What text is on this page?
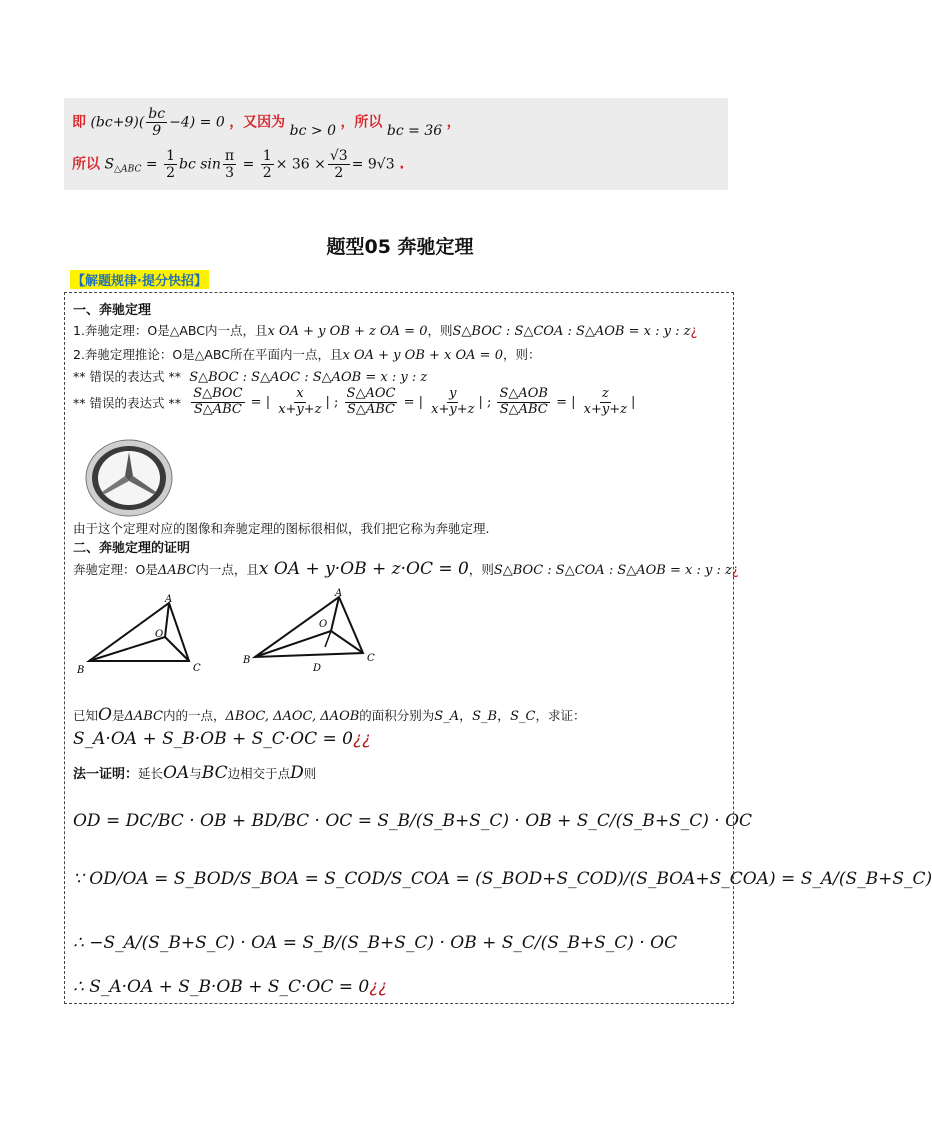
即 $(bc+9)( \frac{bc}{9} -4) = 0$ ，又因为 bc > 0 ，所以 bc = 36 ，
所以 $S_{\triangle ABC} = \frac{1}{2}$ bc $\sin \frac{\pi}{3} = \frac{1}{2} \times 36 \times \frac{√3}{2} = 9√3$ .
题型05 奔驰定理
【解题规律·提分快招】
一、奔驰定理
1.奔驰定理：O是△ABC内一点，且x OA + y OB + z OA = 0，则S△BOC : S△COA : S△AOB = x : y : z¿
2.奔驰定理推论：O是△ABC所在平面内一点，且x OA + y OB + x OA = 0，则：
** 错误的表达式 ** S△BOC : S△AOC : S△AOB = x : y : z
** 错误的表达式 ** $\frac{\text{S△BOC}}{\text{S△ABC}}$ = | $\frac{x}{x+y+z}$ | ; $\frac{\text{S△AOC}}{\text{S△ABC}}$ = | $\frac{y}{x+y+z}$ | ; $\frac{\text{S△AOB}}{\text{S△ABC}}$ = | $\frac{z}{x+y+z}$ |
由于这个定理对应的图像和奔驰定理的图标很相似，我们把它称为奔驰定理.
二、奔驰定理的证明
奔驰定理：O是ΔABC内一点，且x OA + y·OB + z·OC = 0，则S△BOC : S△COA : S△AOB = x : y : z¿
A
O
B	C
A
O
B	C
D
已知O是ΔABC内的一点，ΔBOC, ΔAOC, ΔAOB的面积分别为S_A，S_B，S_C，求证：
S_A·OA + S_B·OB + S_C·OC = 0¿¿
法一证明：延长OA与BC边相交于点D则
OD = DC/BC · OB + BD/BC · OC = S_B/(S_B+S_C) · OB + S_C/(S_B+S_C) · OC
∵ OD/OA = S_BOD/S_BOA = S_COD/S_COA = (S_BOD+S_COD)/(S_BOA+S_COA) = S_A/(S_B+S_C)
∴ −S_A/(S_B+S_C) · OA = S_B/(S_B+S_C) · OB + S_C/(S_B+S_C) · OC
∴ S_A·OA + S_B·OB + S_C·OC = 0¿¿
